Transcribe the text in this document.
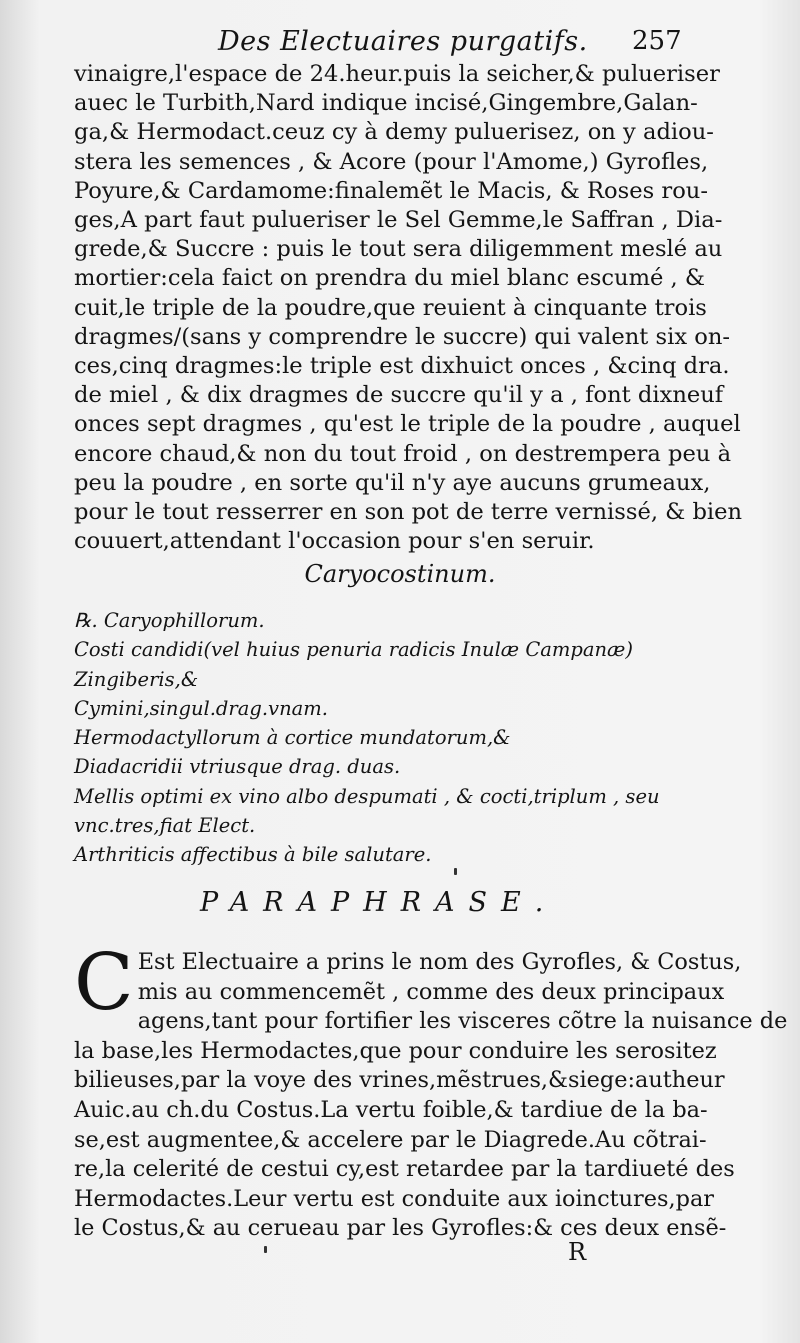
Des Electuaires purgatifs. 257
vinaigre,l'espace de 24.heur.puis la seicher,& pulueriser
auec le Turbith,Nard indique incisé,Gingembre,Galan-
ga,& Hermodact.ceuz cy à demy puluerisez, on y adiou-
stera les semences , & Acore (pour l'Amome,) Gyrofles,
Poyure,& Cardamome:finalemẽt le Macis, & Roses rou-
ges,A part faut pulueriser le Sel Gemme,le Saffran , Dia-
grede,& Succre : puis le tout sera diligemment meslé au
mortier:cela faict on prendra du miel blanc escumé , &
cuit,le triple de la poudre,que reuient à cinquante trois
dragmes/(sans y comprendre le succre) qui valent six on-
ces,cinq dragmes:le triple est dixhuict onces , &cinq dra.
de miel , & dix dragmes de succre qu'il y a , font dixneuf
onces sept dragmes , qu'est le triple de la poudre , auquel
encore chaud,& non du tout froid , on destrempera peu à
peu la poudre , en sorte qu'il n'y aye aucuns grumeaux,
pour le tout resserrer en son pot de terre vernissé, & bien
couuert,attendant l'occasion pour s'en seruir.
Caryocostinum.
℞. Caryophillorum.
Costi candidi(vel huius penuria radicis Inulæ Campanæ)
Zingiberis,&
Cymini,singul.drag.vnam.
Hermodactyllorum à cortice mundatorum,&
Diadacridii vtriusque drag. duas.
Mellis optimi ex vino albo despumati , & cocti,triplum , seu
vnc.tres,fiat Elect.
Arthriticis affectibus à bile salutare.
PARAPHRASE.
C Est Electuaire a prins le nom des Gyrofles, & Costus,
mis au commencemẽt , comme des deux principaux
agens,tant pour fortifier les visceres cõtre la nuisance de
la base,les Hermodactes,que pour conduire les serositez
bilieuses,par la voye des vrines,mẽstrues,&siege:autheur
Auic.au ch.du Costus.La vertu foible,& tardiue de la ba-
se,est augmentee,& accelere par le Diagrede.Au cõtrai-
re,la celerité de cestui cy,est retardee par la tardiueté des
Hermodactes.Leur vertu est conduite aux ioinctures,par
le Costus,& au cerueau par les Gyrofles:& ces deux ensẽ-
R
